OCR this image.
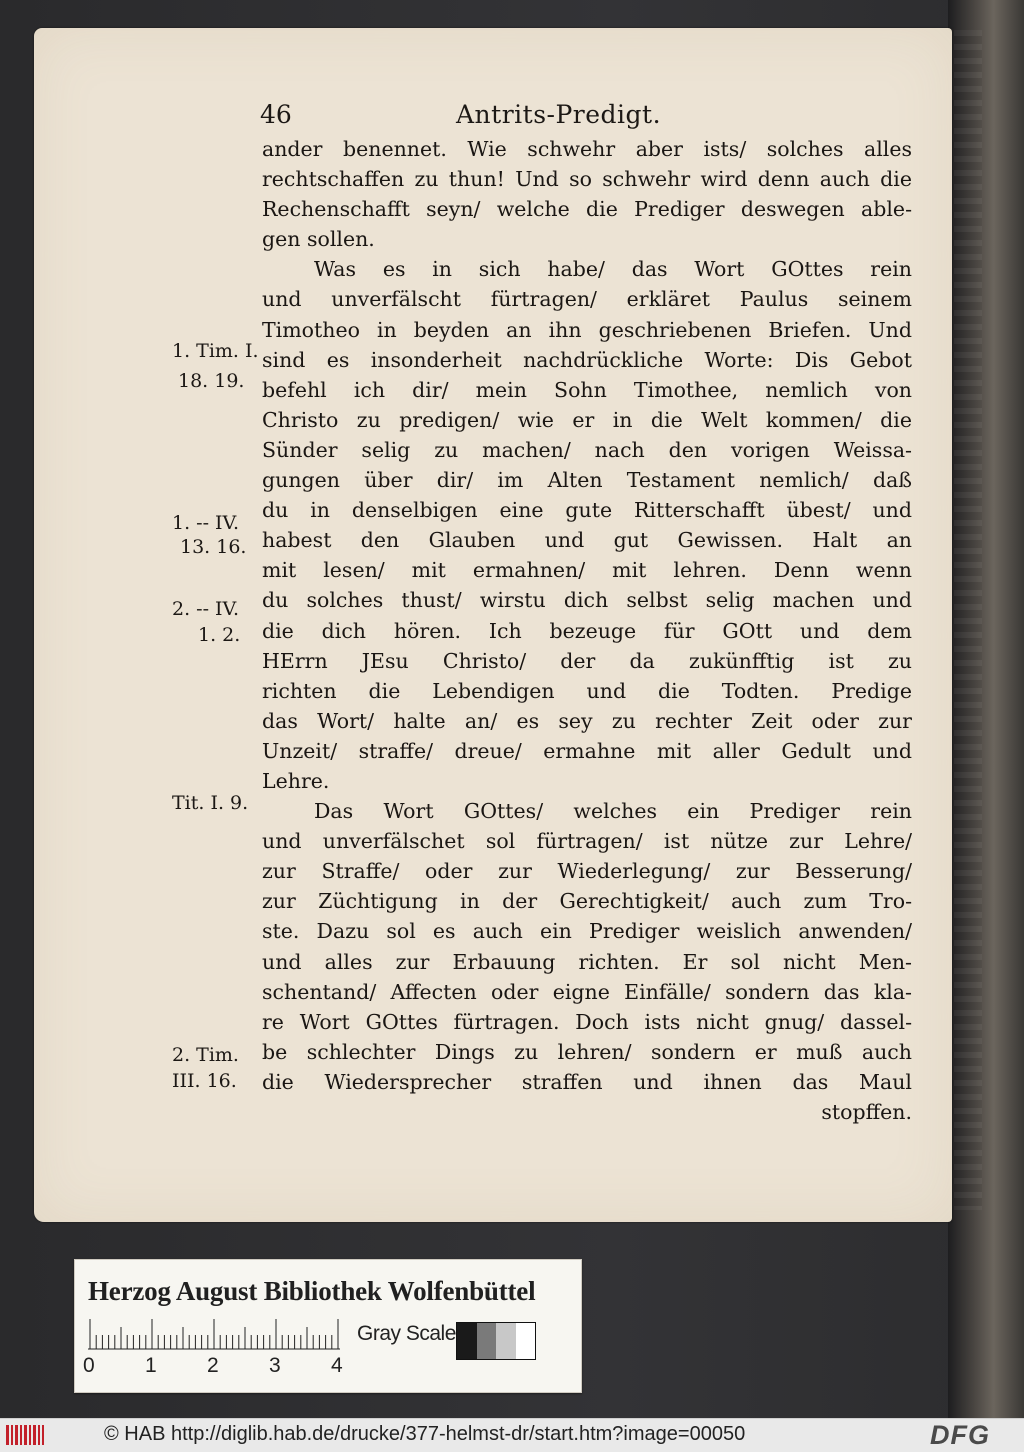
46	Antrits-Predigt.
ander benennet. Wie schwehr aber ists/ solches alles
rechtschaffen zu thun! Und so schwehr wird denn auch die
Rechenschafft seyn/ welche die Prediger deswegen able-
gen sollen.
Was es in sich habe/ das Wort GOttes rein
und unverfälscht fürtragen/ erkläret Paulus seinem
Timotheo in beyden an ihn geschriebenen Briefen. Und
sind es insonderheit nachdrückliche Worte: Dis Gebot
befehl ich dir/ mein Sohn Timothee, nemlich von
Christo zu predigen/ wie er in die Welt kommen/ die
Sünder selig zu machen/ nach den vorigen Weissa-
gungen über dir/ im Alten Testament nemlich/ daß
du in denselbigen eine gute Ritterschafft übest/ und
habest den Glauben und gut Gewissen. Halt an
mit lesen/ mit ermahnen/ mit lehren. Denn wenn
du solches thust/ wirstu dich selbst selig machen und
die dich hören. Ich bezeuge für GOtt und dem
HErrn JEsu Christo/ der da zukünfftig ist zu
richten die Lebendigen und die Todten. Predige
das Wort/ halte an/ es sey zu rechter Zeit oder zur
Unzeit/ straffe/ dreue/ ermahne mit aller Gedult und
Lehre.
Das Wort GOttes/ welches ein Prediger rein
und unverfälschet sol fürtragen/ ist nütze zur Lehre/
zur Straffe/ oder zur Wiederlegung/ zur Besserung/
zur Züchtigung in der Gerechtigkeit/ auch zum Tro-
ste. Dazu sol es auch ein Prediger weislich anwenden/
und alles zur Erbauung richten. Er sol nicht Men-
schentand/ Affecten oder eigne Einfälle/ sondern das kla-
re Wort GOttes fürtragen. Doch ists nicht gnug/ dassel-
be schlechter Dings zu lehren/ sondern er muß auch
die Wiedersprecher straffen und ihnen das Maul
stopffen.
1. Tim. I.
18. 19.
1. -- IV.
13. 16.
2. -- IV.
1. 2.
Tit. I. 9.
2. Tim.
III. 16.
Herzog August Bibliothek Wolfenbüttel
0 1 2 3 4
Gray Scale
© HAB http://diglib.hab.de/drucke/377-helmst-dr/start.htm?image=00050	DFG
